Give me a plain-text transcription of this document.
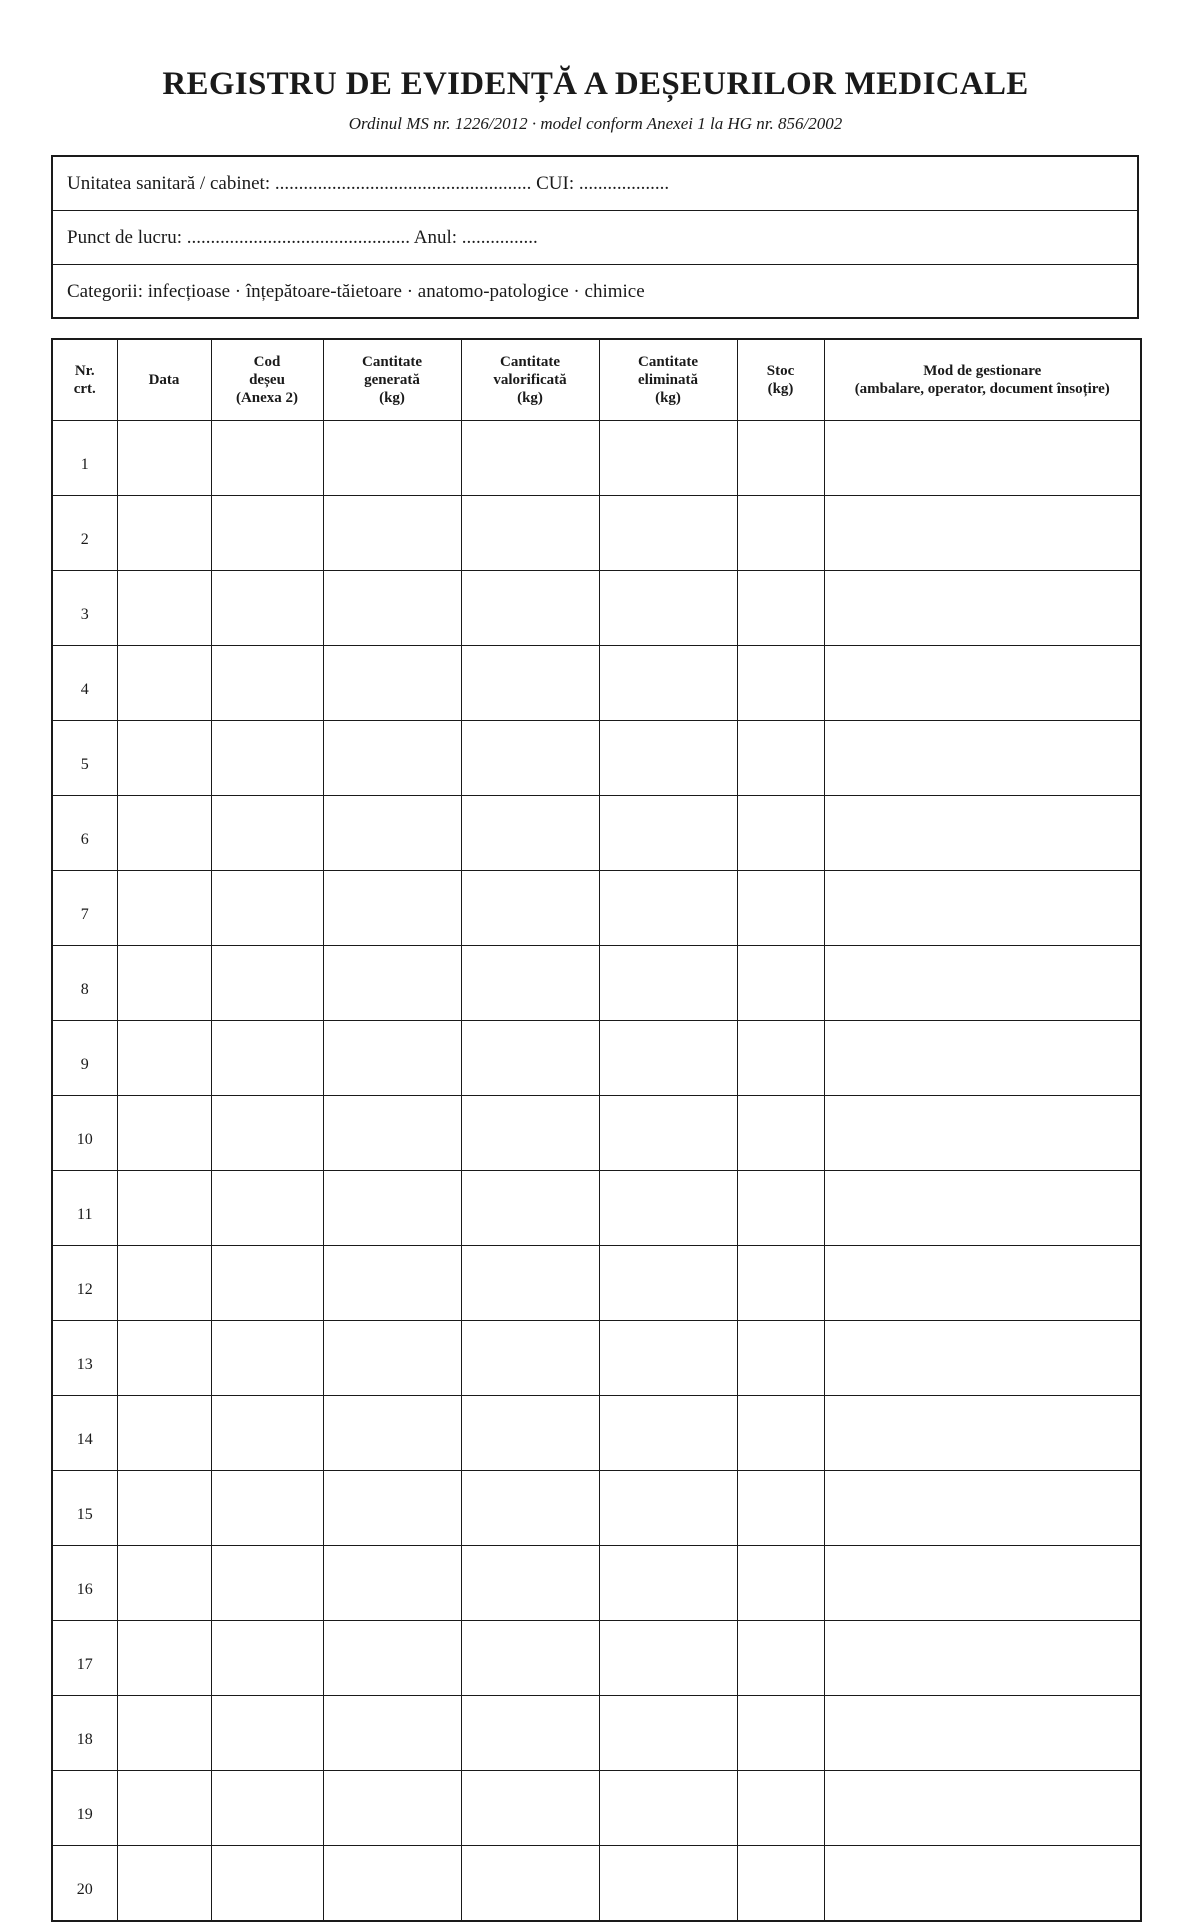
REGISTRU DE EVIDENȚĂ A DEȘEURILOR MEDICALE
Ordinul MS nr. 1226/2012 · model conform Anexei 1 la HG nr. 856/2002
Unitatea sanitară / cabinet: ...................................................... CUI: ...................
Punct de lucru: ............................................... Anul: ................
Categorii: infecțioase · înțepătoare-tăietoare · anatomo-patologice · chimice
Nr.
crt.	Data	Cod
deșeu
(Anexa 2)	Cantitate
generată
(kg)	Cantitate
valorificată
(kg)	Cantitate
eliminată
(kg)	Stoc
(kg)	Mod de gestionare
(ambalare, operator, document însoțire)

1							
2							
3							
4							
5							
6							
7							
8							
9							
10							
11							
12							
13							
14							
15							
16							
17							
18							
19							
20							
